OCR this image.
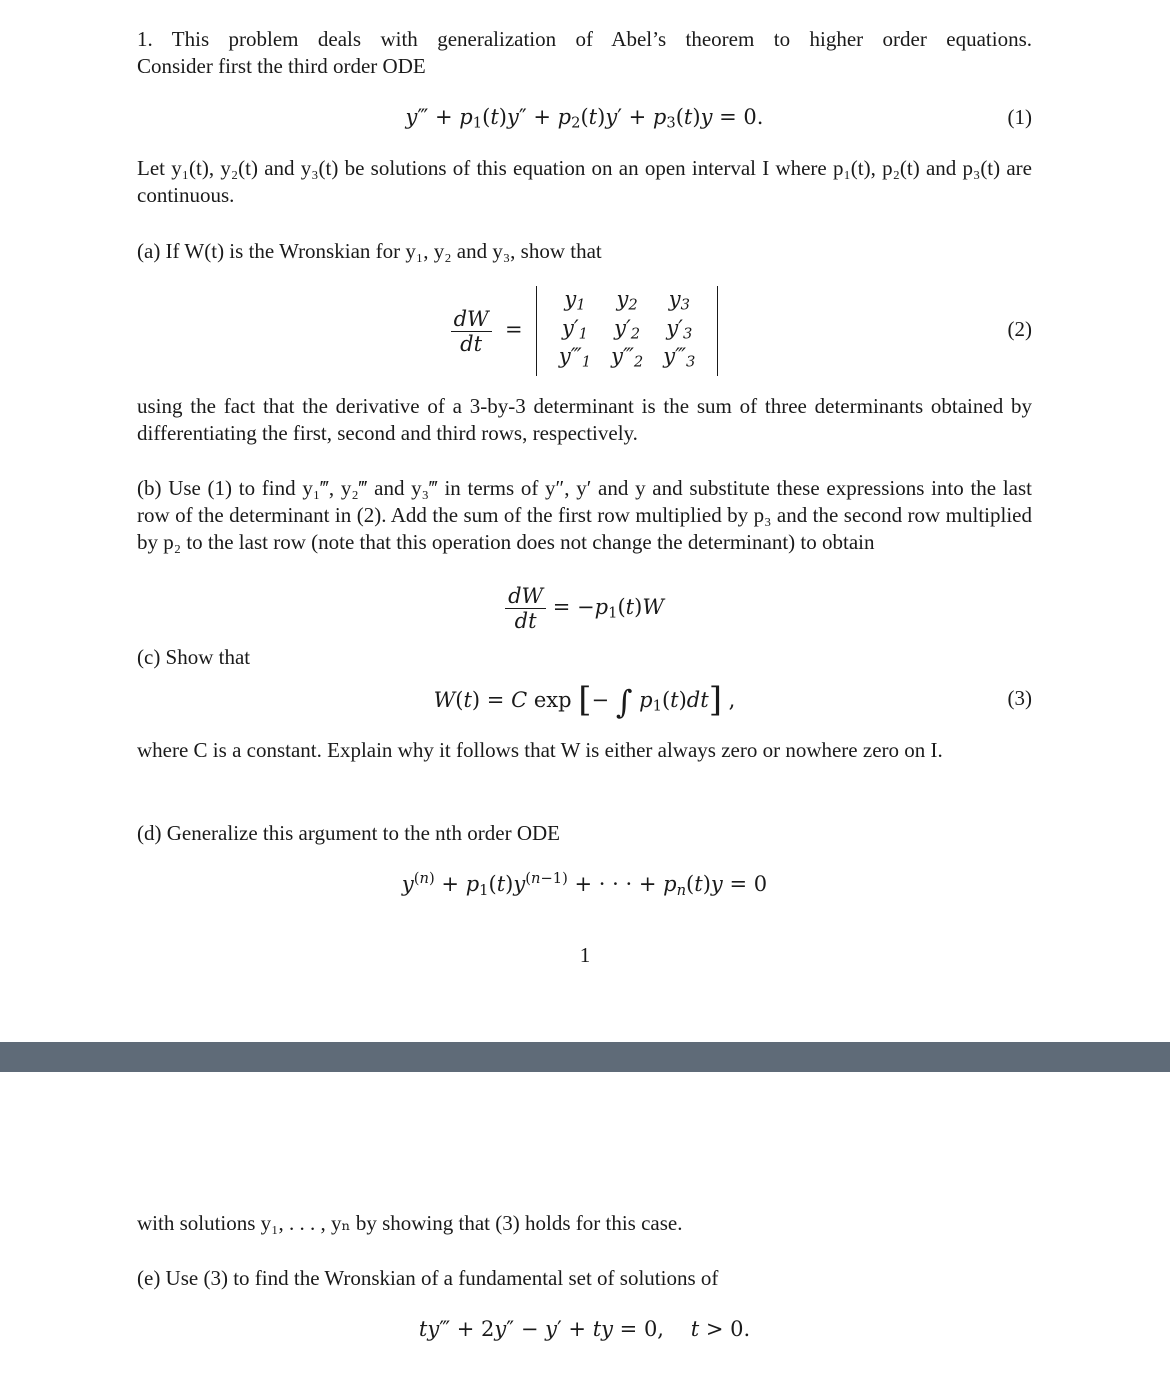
1. This problem deals with generalization of Abel’s theorem to higher order equations.
Consider first the third order ODE
y‴ + $p_1(t)y'' + p_2(t)y' + p_3(t)y = 0$.	(1)
Let y₁(t), y₂(t) and y₃(t) be solutions of this equation on an open interval I where p₁(t), p₂(t) and p₃(t) are continuous.
(a) If W(t) is the Wronskian for y₁, y₂ and y₃, show that
$\frac{dW}{dt}$ =
$y_1$	$y_2$	$y_3$
$y'_1$	$y'_2$	$y'_3$
$y‴_1$	$y‴_2$	$y‴_3$
(2)
using the fact that the derivative of a 3-by-3 determinant is the sum of three determinants obtained by differentiating the first, second and third rows, respectively.
(b) Use (1) to find y₁‴, y₂‴ and y₃‴ in terms of y″, y′ and y and substitute these expressions into the last row of the determinant in (2). Add the sum of the first row multiplied by p₃ and the second row multiplied by p₂ to the last row (note that this operation does not change the determinant) to obtain
$\frac{dW}{dt} = -p_1(t)W$
(c) Show that
W(t) = C exp [− ∫ $p_1(t)dt$] ,	(3)
where C is a constant. Explain why it follows that W is either always zero or nowhere zero on I.
(d) Generalize this argument to the nth order ODE
$y^{(n)} + p_1(t)y^{(n-1)}$ + · · · + $p_n(t)y = 0$
1
with solutions y₁, . . . , yₙ by showing that (3) holds for this case.
(e) Use (3) to find the Wronskian of a fundamental set of solutions of
ty‴ + 2y″ − y′ + ty = 0,    t > 0.
